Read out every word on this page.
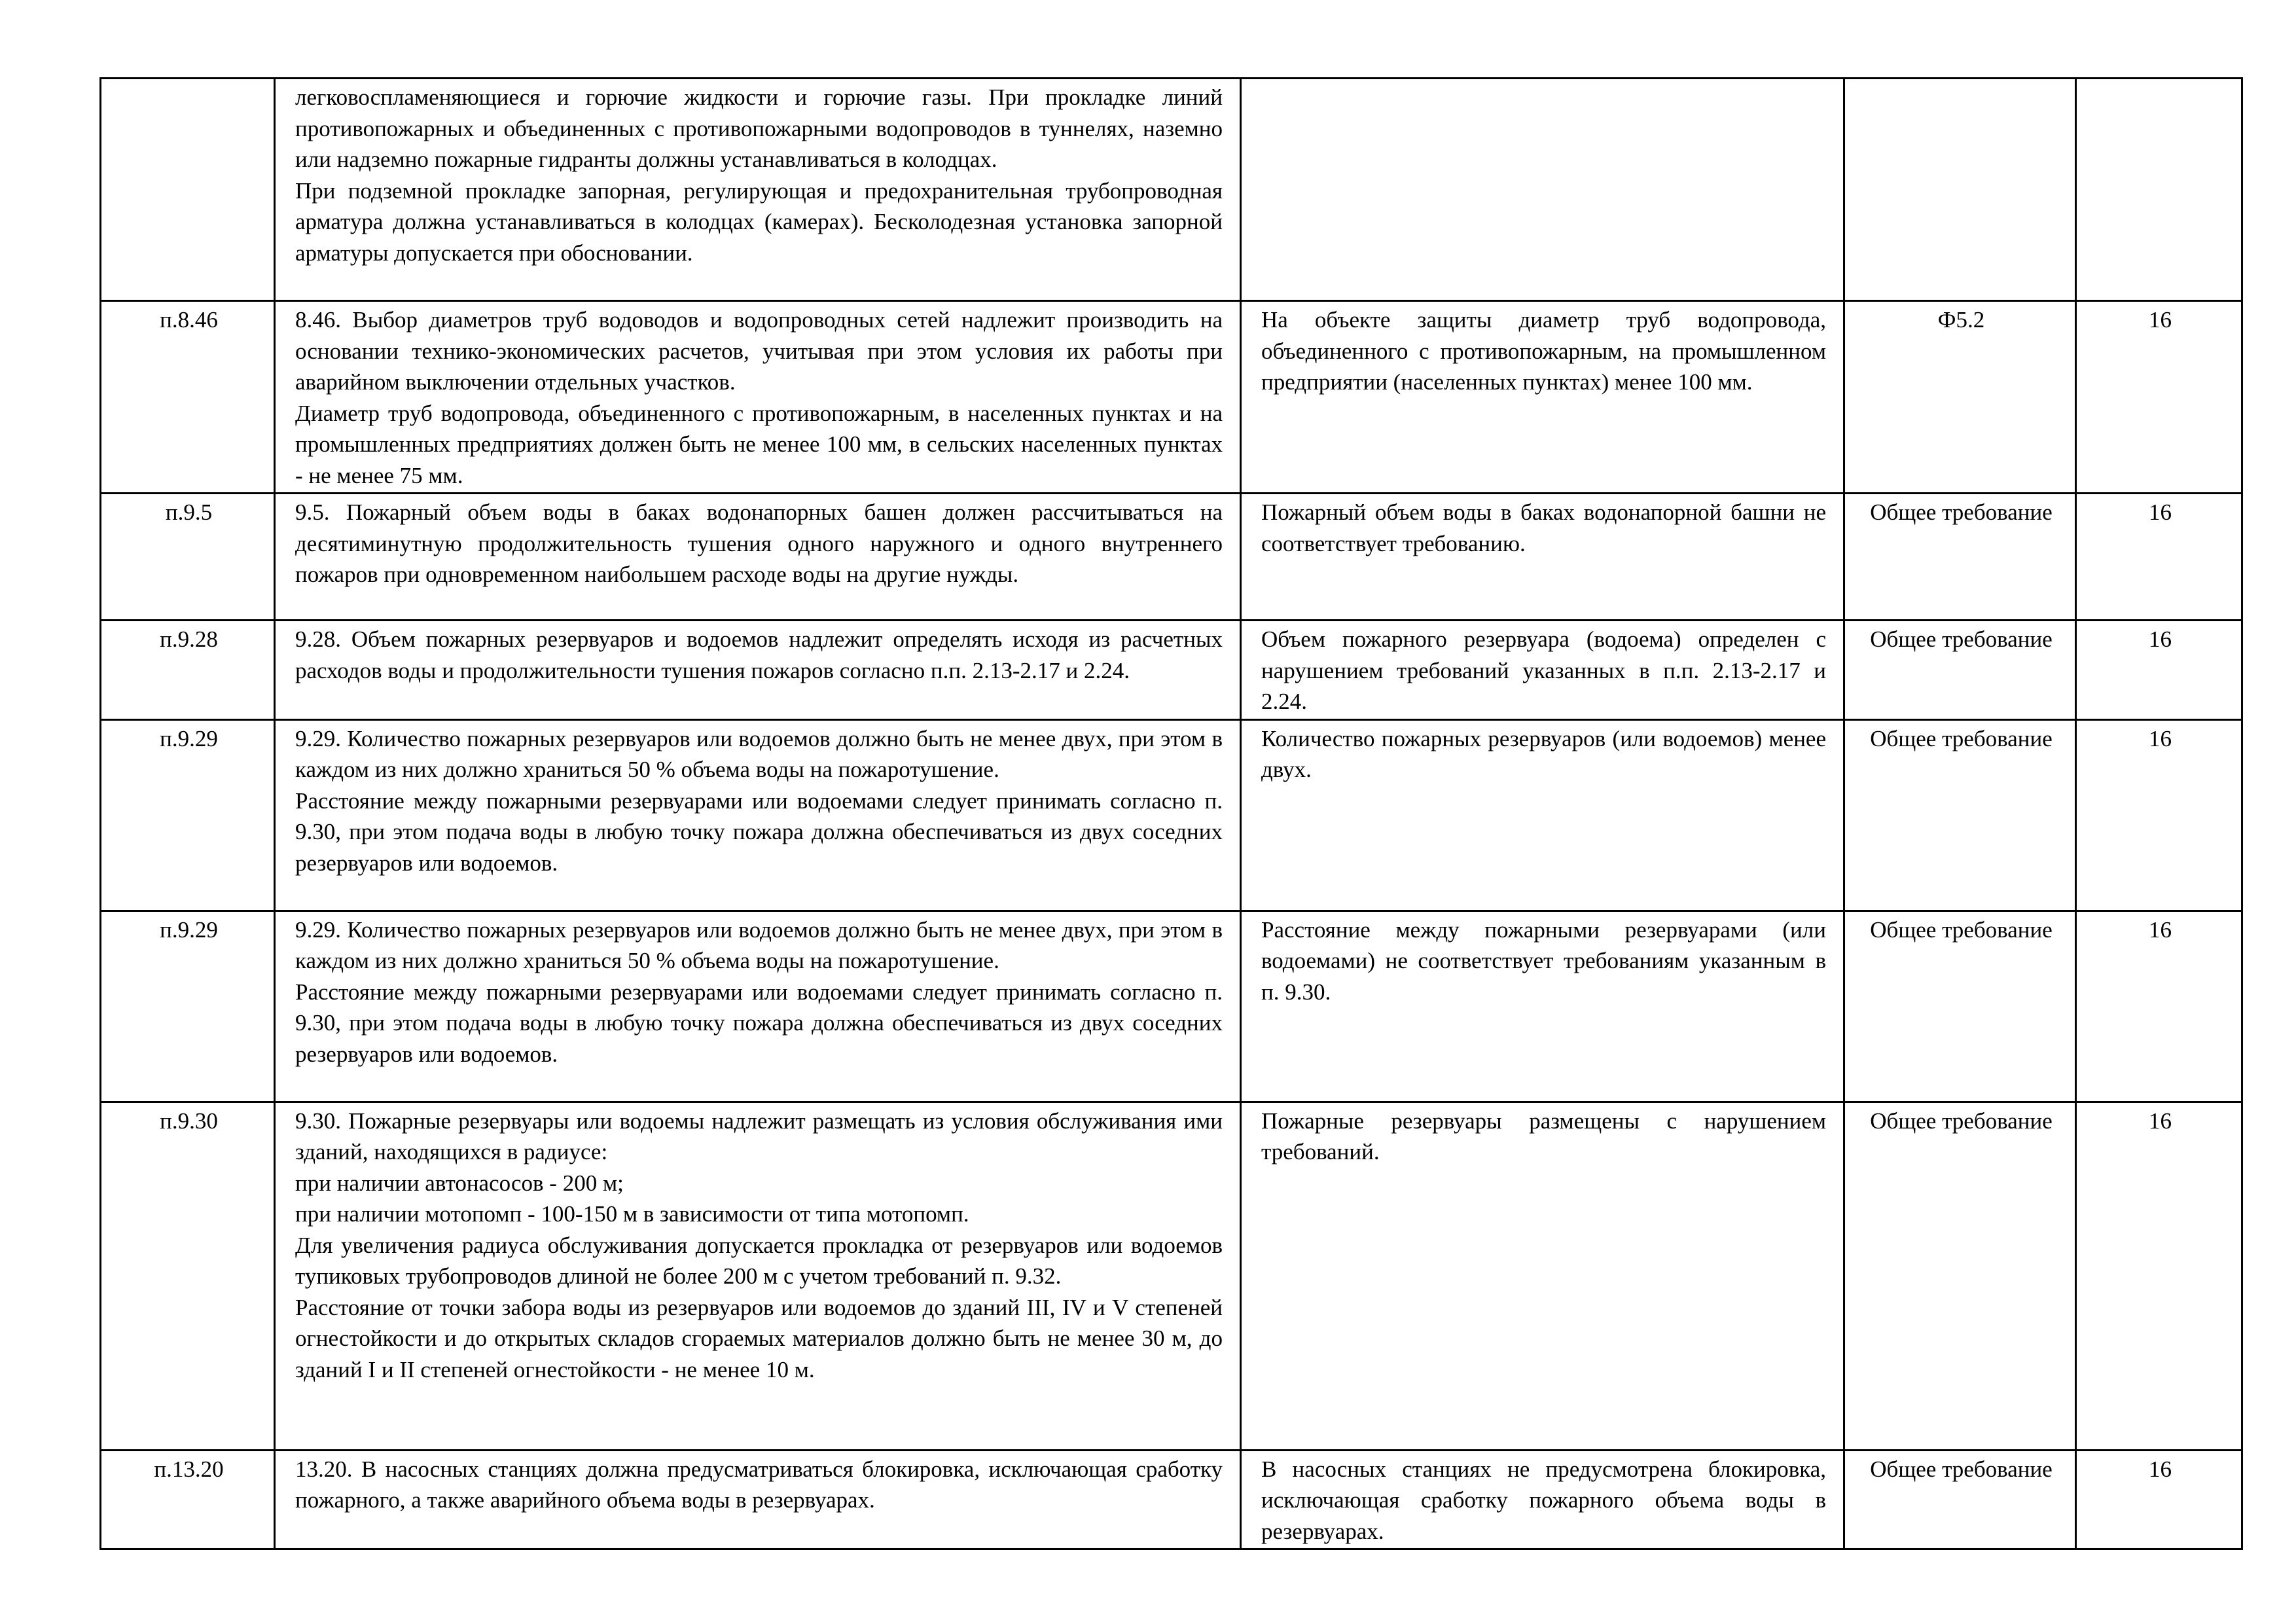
	легковоспламеняющиеся и горючие жидкости и горючие газы. При прокладке линий противопожарных и объединенных с противопожарными водопроводов в туннелях, наземно или надземно пожарные гидранты должны устанавливаться в колодцах.
При подземной прокладке запорная, регулирующая и предохранительная трубопроводная арматура должна устанавливаться в колодцах (камерах). Бесколодезная установка запорной арматуры допускается при обосновании.			

п.8.46	8.46. Выбор диаметров труб водоводов и водопроводных сетей надлежит производить на основании технико-экономических расчетов, учитывая при этом условия их работы при аварийном выключении отдельных участков.
Диаметр труб водопровода, объединенного с противопожарным, в населенных пунктах и на промышленных предприятиях должен быть не менее 100 мм, в сельских населенных пунктах - не менее 75 мм.	На объекте защиты диаметр труб водопровода, объединенного с противопожарным, на промышленном предприятии (населенных пунктах) менее 100 мм.	Ф5.2	16
п.9.5	9.5. Пожарный объем воды в баках водонапорных башен должен рассчитываться на десятиминутную продолжительность тушения одного наружного и одного внутреннего пожаров при одновременном наибольшем расходе воды на другие нужды.	Пожарный объем воды в баках водонапорной башни не соответствует требованию.	Общее требование	16
п.9.28	9.28. Объем пожарных резервуаров и водоемов надлежит определять исходя из расчетных расходов воды и продолжительности тушения пожаров согласно п.п. 2.13-2.17 и 2.24.	Объем пожарного резервуара (водоема) определен с нарушением требований указанных в п.п. 2.13-2.17 и 2.24.	Общее требование	16
п.9.29	9.29. Количество пожарных резервуаров или водоемов должно быть не менее двух, при этом в каждом из них должно храниться 50 % объема воды на пожаротушение.
Расстояние между пожарными резервуарами или водоемами следует принимать согласно п. 9.30, при этом подача воды в любую точку пожара должна обеспечиваться из двух соседних резервуаров или водоемов.	Количество пожарных резервуаров (или водоемов) менее двух.	Общее требование	16
п.9.29	9.29. Количество пожарных резервуаров или водоемов должно быть не менее двух, при этом в каждом из них должно храниться 50 % объема воды на пожаротушение.
Расстояние между пожарными резервуарами или водоемами следует принимать согласно п. 9.30, при этом подача воды в любую точку пожара должна обеспечиваться из двух соседних резервуаров или водоемов.	Расстояние между пожарными резервуарами (или водоемами) не соответствует требованиям указанным в п. 9.30.	Общее требование	16
п.9.30	9.30. Пожарные резервуары или водоемы надлежит размещать из условия обслуживания ими зданий, находящихся в радиусе:
при наличии автонасосов - 200 м;
при наличии мотопомп - 100-150 м в зависимости от типа мотопомп.
Для увеличения радиуса обслуживания допускается прокладка от резервуаров или водоемов тупиковых трубопроводов длиной не более 200 м с учетом требований п. 9.32.
Расстояние от точки забора воды из резервуаров или водоемов до зданий III, IV и V степеней огнестойкости и до открытых складов сгораемых материалов должно быть не менее 30 м, до зданий I и II степеней огнестойкости - не менее 10 м.	Пожарные резервуары размещены с нарушением требований.	Общее требование	16
п.13.20	13.20. В насосных станциях должна предусматриваться блокировка, исключающая сработку пожарного, а также аварийного объема воды в резервуарах.	В насосных станциях не предусмотрена блокировка, исключающая сработку пожарного объема воды в резервуарах.	Общее требование	16
